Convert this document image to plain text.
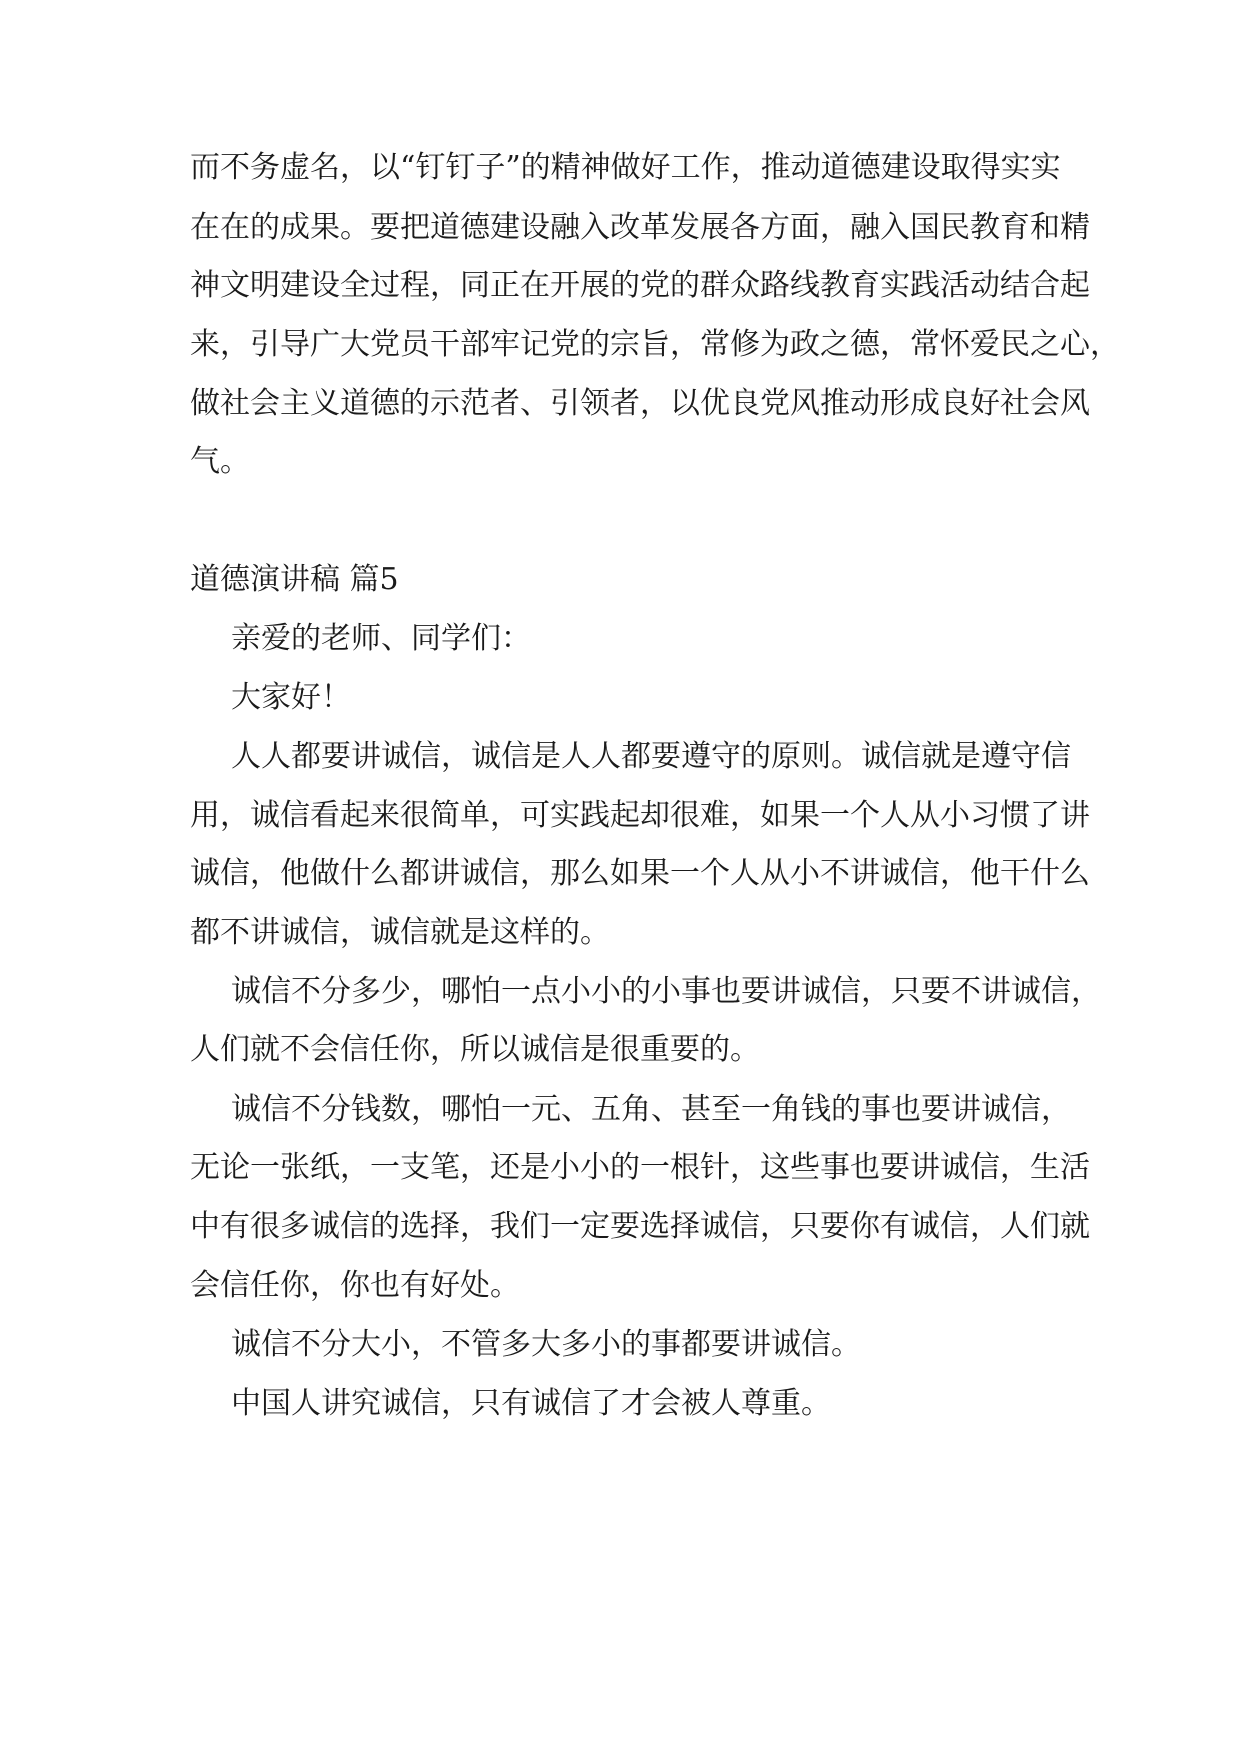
而不务虚名，以“钉钉子”的精神做好工作，推动道德建设取得实实
在在的成果。要把道德建设融入改革发展各方面，融入国民教育和精
神文明建设全过程，同正在开展的党的群众路线教育实践活动结合起
来，引导广大党员干部牢记党的宗旨，常修为政之德，常怀爱民之心，
做社会主义道德的示范者、引领者，以优良党风推动形成良好社会风
气。
道德演讲稿 篇5
亲爱的老师、同学们：
大家好！
人人都要讲诚信，诚信是人人都要遵守的原则。诚信就是遵守信
用，诚信看起来很简单，可实践起却很难，如果一个人从小习惯了讲
诚信，他做什么都讲诚信，那么如果一个人从小不讲诚信，他干什么
都不讲诚信，诚信就是这样的。
诚信不分多少，哪怕一点小小的小事也要讲诚信，只要不讲诚信，
人们就不会信任你，所以诚信是很重要的。
诚信不分钱数，哪怕一元、五角、甚至一角钱的事也要讲诚信，
无论一张纸，一支笔，还是小小的一根针，这些事也要讲诚信，生活
中有很多诚信的选择，我们一定要选择诚信，只要你有诚信，人们就
会信任你，你也有好处。
诚信不分大小，不管多大多小的事都要讲诚信。
中国人讲究诚信，只有诚信了才会被人尊重。
